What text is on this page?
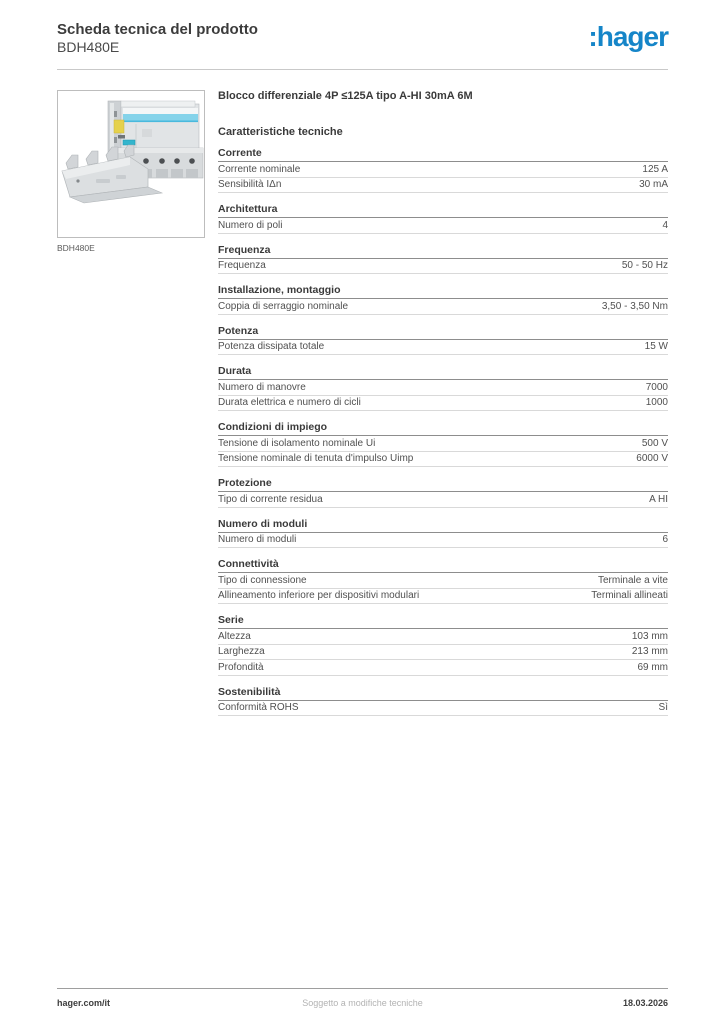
Scheda tecnica del prodotto
BDH480E	:hager
BDH480E
Blocco differenziale 4P ≤125A tipo A-HI 30mA 6M
Caratteristiche tecniche
Corrente
Corrente nominale	125 A
Sensibilità IΔn	30 mA
Architettura
Numero di poli	4
Frequenza
Frequenza	50 - 50 Hz
Installazione, montaggio
Coppia di serraggio nominale	3,50 - 3,50 Nm
Potenza
Potenza dissipata totale	15 W
Durata
Numero di manovre	7000
Durata elettrica e numero di cicli	1000
Condizioni di impiego
Tensione di isolamento nominale Ui	500 V
Tensione nominale di tenuta d'impulso Uimp	6000 V
Protezione
Tipo di corrente residua	A HI
Numero di moduli
Numero di moduli	6
Connettività
Tipo di connessione	Terminale a vite
Allineamento inferiore per dispositivi modulari	Terminali allineati
Serie
Altezza	103 mm
Larghezza	213 mm
Profondità	69 mm
Sostenibilità
Conformità ROHS	Sì
hager.com/it	Soggetto a modifiche tecniche	18.03.2026
